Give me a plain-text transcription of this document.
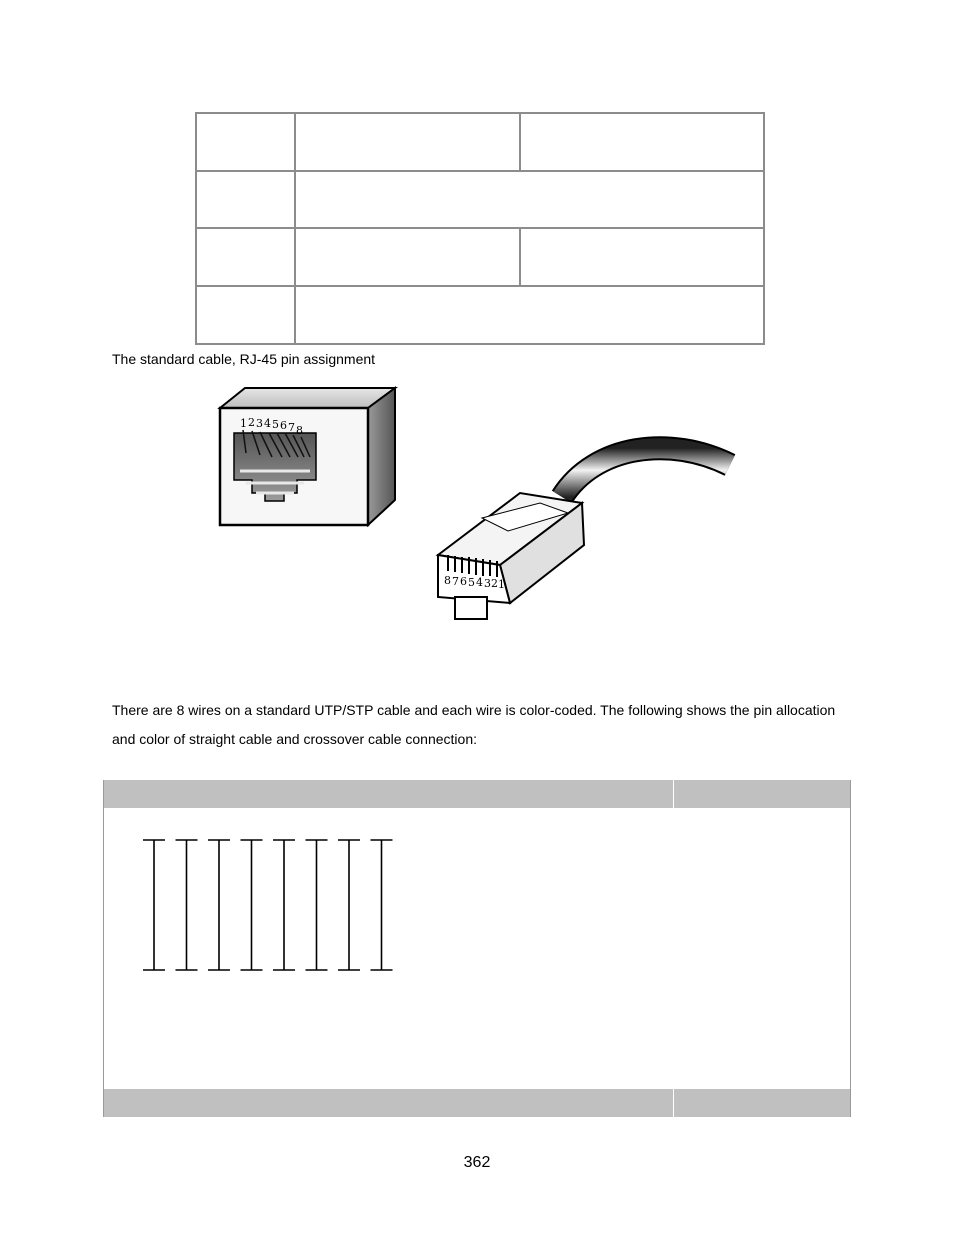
The standard cable, RJ-45 pin assignment
1 2 3 4 5 6 7 8
8 7 6 5 4 3 2 1
There are 8 wires on a standard UTP/STP cable and each wire is color-coded. The following shows the pin allocation
and color of straight cable and crossover cable connection:
362
